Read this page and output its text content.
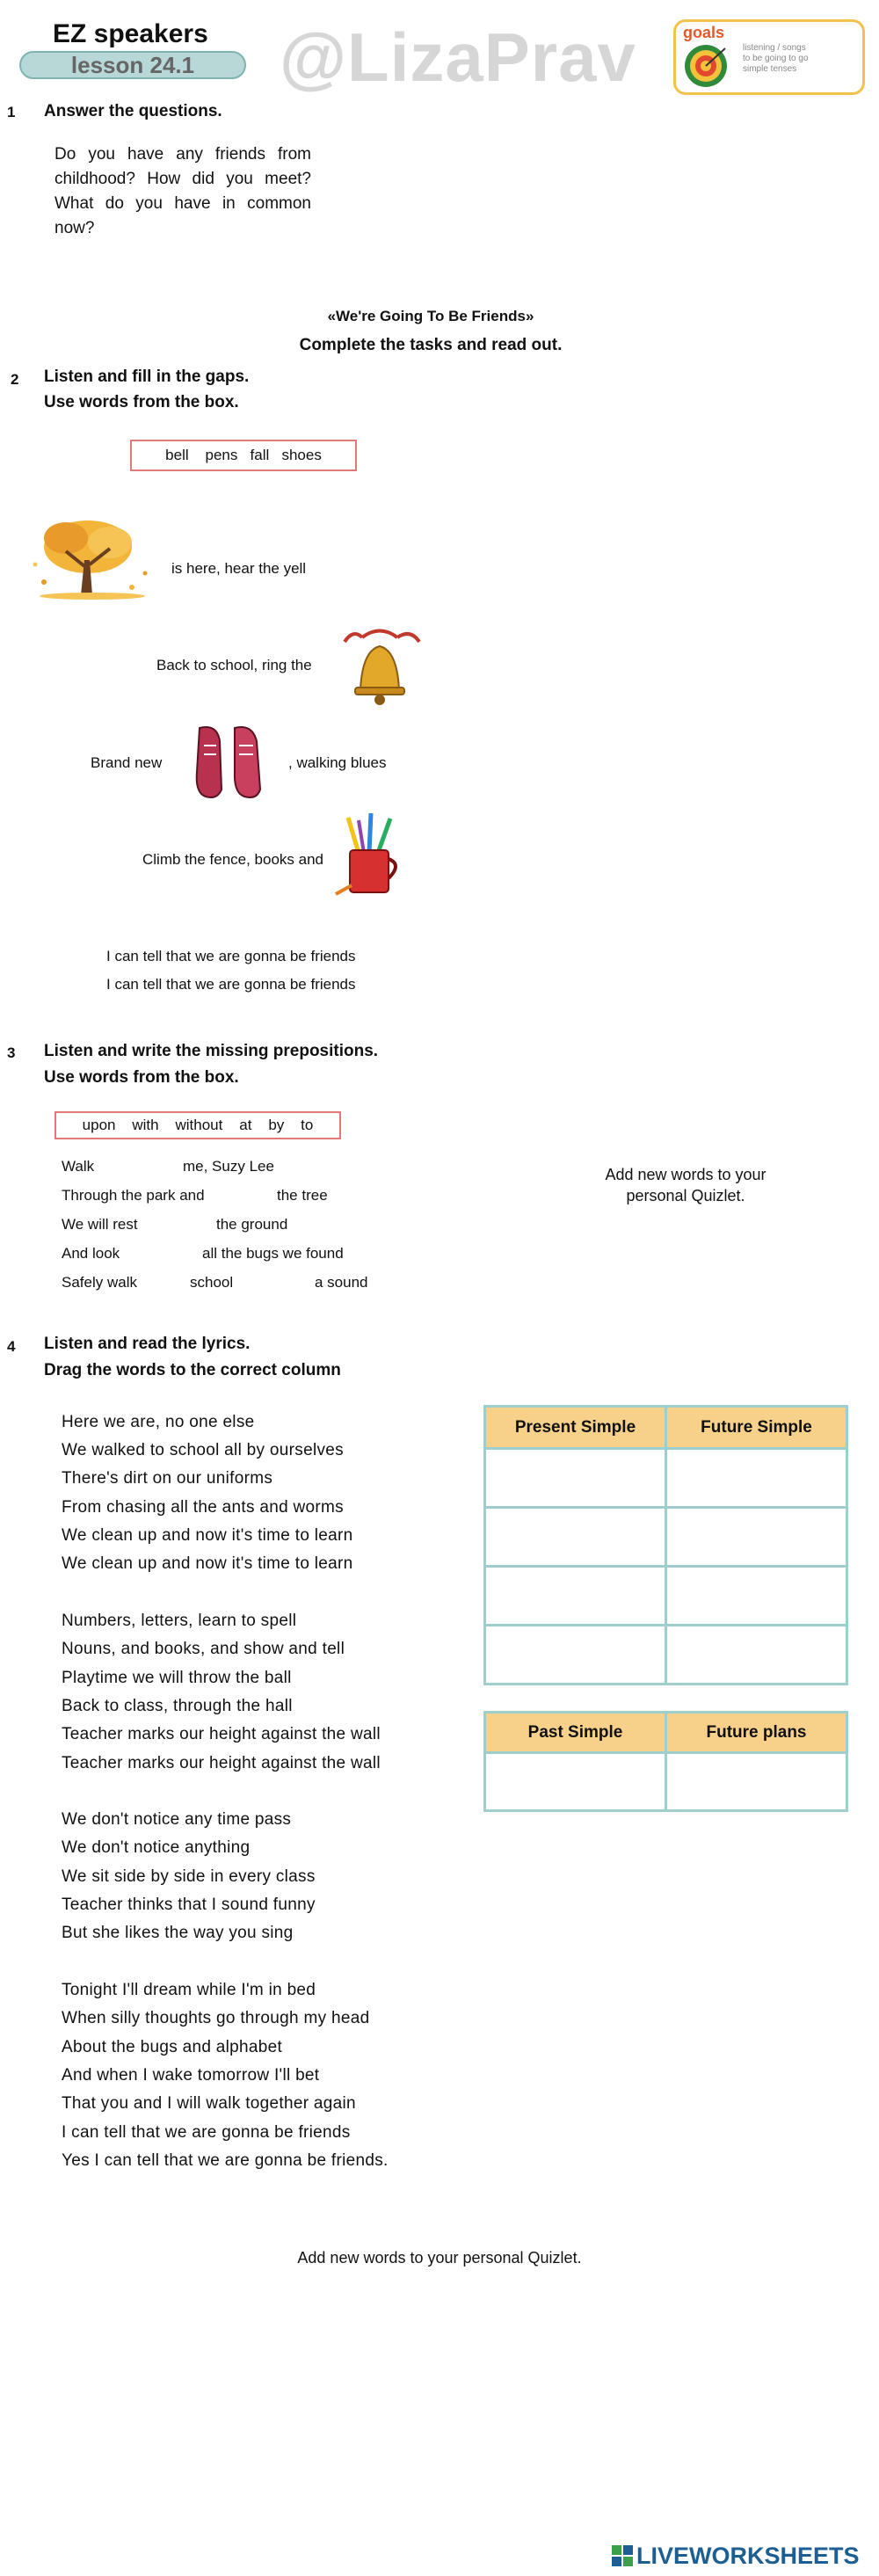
EZ speakers
lesson 24.1 @LizaPrav	goals
listening / songs
to be going to go
simple tenses
1 Answer the questions.
Do you have any friends from
childhood? How did you meet?
What do you have in common
now?
«We're Going To Be Friends»
Complete the tasks and read out.
2 Listen and fill in the gaps.
Use words from the box.
bell    pens   fall   shoes
is here, hear the yell
Back to school, ring the
Brand new	, walking blues
Climb the fence, books and
I can tell that we are gonna be friends
I can tell that we are gonna be friends
3 Listen and write the missing prepositions.
Use words from the box.
upon    with    without    at    by    to
Walk	me, Suzy Lee
Through the park and	the tree
We will rest	the ground
And look	all the bugs we found
Safely walk	school	a sound
Add new words to your
personal Quizlet.
4 Listen and read the lyrics.
Drag the words to the correct column
Here we are, no one else
We walked to school all by ourselves
There's dirt on our uniforms
From chasing all the ants and worms
We clean up and now it's time to learn
We clean up and now it's time to learn
Numbers, letters, learn to spell
Nouns, and books, and show and tell
Playtime we will throw the ball
Back to class, through the hall
Teacher marks our height against the wall
Teacher marks our height against the wall
We don't notice any time pass
We don't notice anything
We sit side by side in every class
Teacher thinks that I sound funny
But she likes the way you sing
Tonight I'll dream while I'm in bed
When silly thoughts go through my head
About the bugs and alphabet
And when I wake tomorrow I'll bet
That you and I will walk together again
I can tell that we are gonna be friends
Yes I can tell that we are gonna be friends.
Present Simple	Future Simple

Past Simple	Future plans

Add new words to your personal Quizlet.
LIVEWORKSHEETS
